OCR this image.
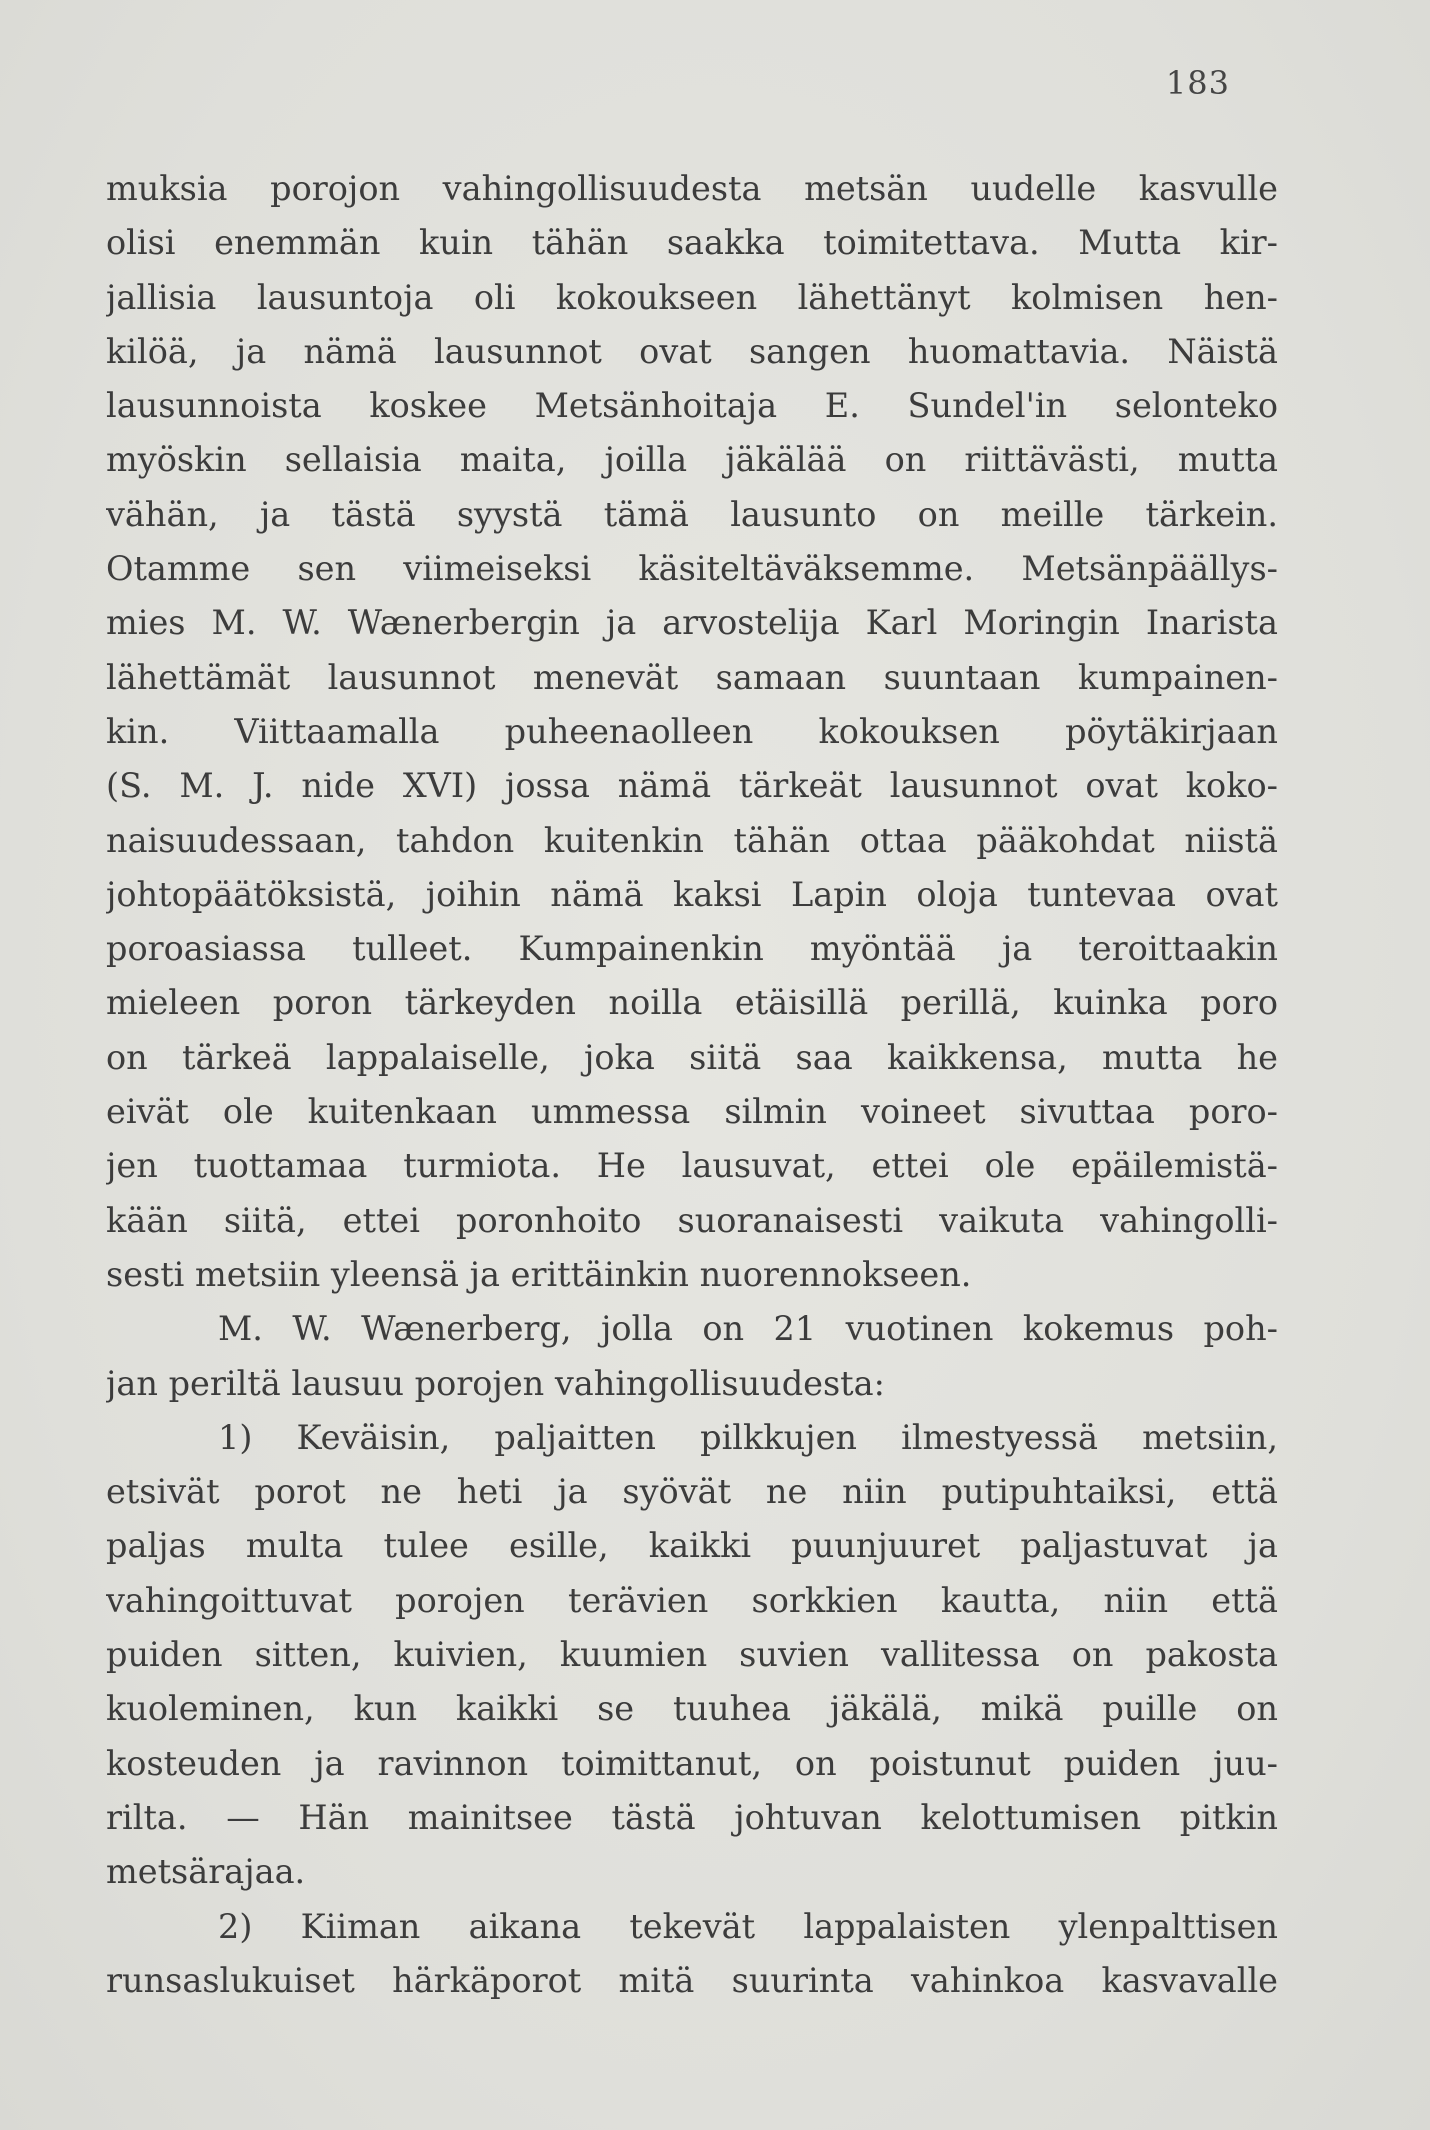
183
muksia porojon vahingollisuudesta metsän uudelle kasvulle
olisi enemmän kuin tähän saakka toimitettava. Mutta kir-
jallisia lausuntoja oli kokoukseen lähettänyt kolmisen hen-
kilöä, ja nämä lausunnot ovat sangen huomattavia. Näistä
lausunnoista koskee Metsänhoitaja E. Sundel'in selonteko
myöskin sellaisia maita, joilla jäkälää on riittävästi, mutta
vähän, ja tästä syystä tämä lausunto on meille tärkein.
Otamme sen viimeiseksi käsiteltäväksemme. Metsänpäällys-
mies M. W. Wænerbergin ja arvostelija Karl Moringin Inarista
lähettämät lausunnot menevät samaan suuntaan kumpainen-
kin. Viittaamalla puheenaolleen kokouksen pöytäkirjaan
(S. M. J. nide XVI) jossa nämä tärkeät lausunnot ovat koko-
naisuudessaan, tahdon kuitenkin tähän ottaa pääkohdat niistä
johtopäätöksistä, joihin nämä kaksi Lapin oloja tuntevaa ovat
poroasiassa tulleet. Kumpainenkin myöntää ja teroittaakin
mieleen poron tärkeyden noilla etäisillä perillä, kuinka poro
on tärkeä lappalaiselle, joka siitä saa kaikkensa, mutta he
eivät ole kuitenkaan ummessa silmin voineet sivuttaa poro-
jen tuottamaa turmiota. He lausuvat, ettei ole epäilemistä-
kään siitä, ettei poronhoito suoranaisesti vaikuta vahingolli-
sesti metsiin yleensä ja erittäinkin nuorennokseen.
M. W. Wænerberg, jolla on 21 vuotinen kokemus poh-
jan periltä lausuu porojen vahingollisuudesta:
1) Keväisin, paljaitten pilkkujen ilmestyessä metsiin,
etsivät porot ne heti ja syövät ne niin putipuhtaiksi, että
paljas multa tulee esille, kaikki puunjuuret paljastuvat ja
vahingoittuvat porojen terävien sorkkien kautta, niin että
puiden sitten, kuivien, kuumien suvien vallitessa on pakosta
kuoleminen, kun kaikki se tuuhea jäkälä, mikä puille on
kosteuden ja ravinnon toimittanut, on poistunut puiden juu-
rilta. — Hän mainitsee tästä johtuvan kelottumisen pitkin
metsärajaa.
2) Kiiman aikana tekevät lappalaisten ylenpalttisen
runsaslukuiset härkäporot mitä suurinta vahinkoa kasvavalle
